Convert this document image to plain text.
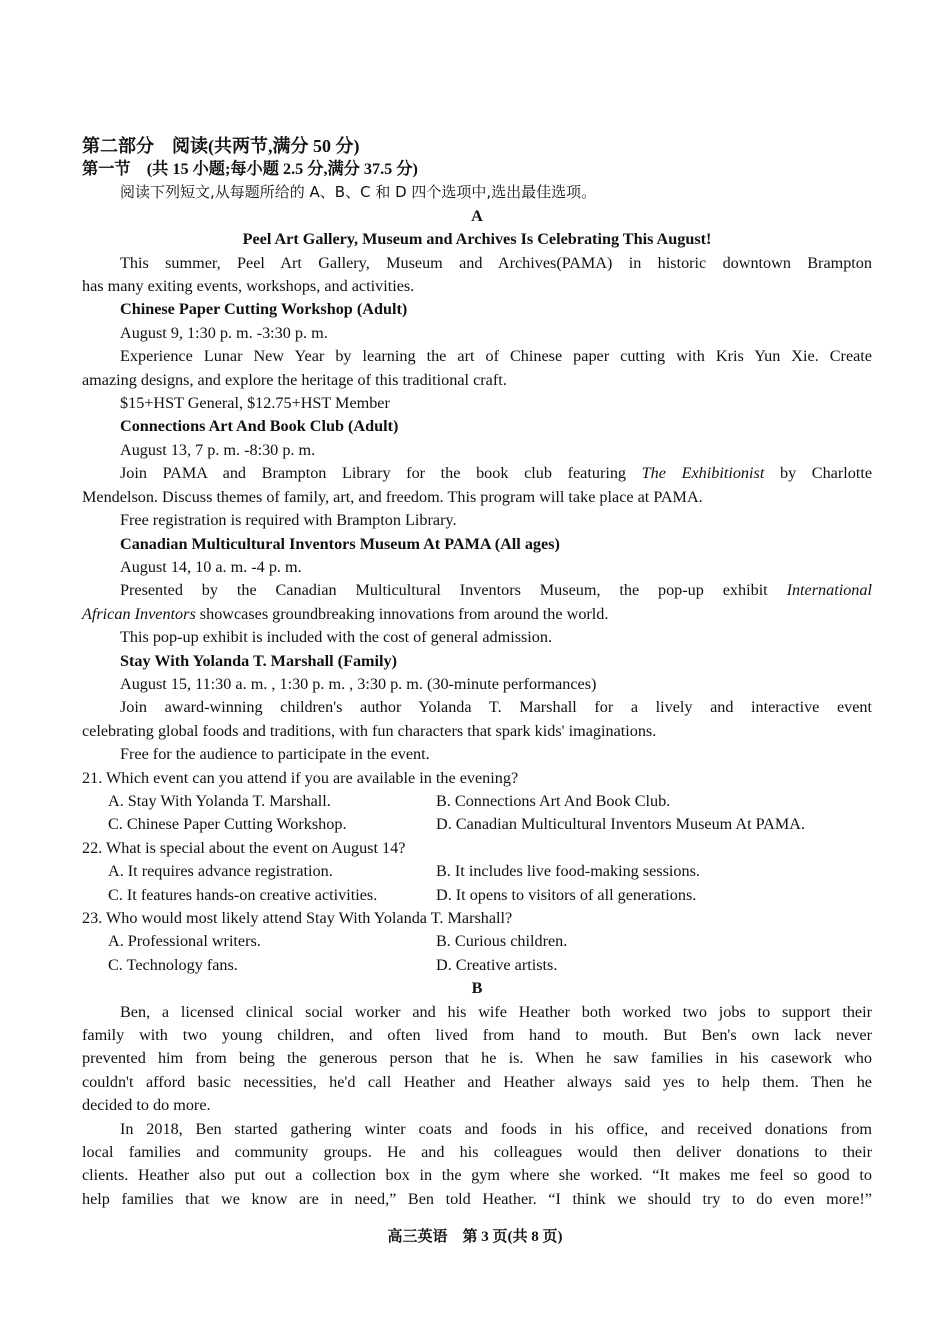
第二部分　阅读(共两节,满分 50 分)
第一节　(共 15 小题;每小题 2.5 分,满分 37.5 分)
阅读下列短文,从每题所给的 A、B、C 和 D 四个选项中,选出最佳选项。
A
Peel Art Gallery, Museum and Archives Is Celebrating This August!
This summer, Peel Art Gallery, Museum and Archives(PAMA) in historic downtown Brampton
has many exiting events, workshops, and activities.
Chinese Paper Cutting Workshop (Adult)
August 9, 1:30 p. m. -3:30 p. m.
Experience Lunar New Year by learning the art of Chinese paper cutting with Kris Yun Xie. Create
amazing designs, and explore the heritage of this traditional craft.
$15+HST General, $12.75+HST Member
Connections Art And Book Club (Adult)
August 13, 7 p. m. -8:30 p. m.
Join PAMA and Brampton Library for the book club featuring The Exhibitionist by Charlotte
Mendelson. Discuss themes of family, art, and freedom. This program will take place at PAMA.
Free registration is required with Brampton Library.
Canadian Multicultural Inventors Museum At PAMA (All ages)
August 14, 10 a. m. -4 p. m.
Presented by the Canadian Multicultural Inventors Museum, the pop-up exhibit International
African Inventors showcases groundbreaking innovations from around the world.
This pop-up exhibit is included with the cost of general admission.
Stay With Yolanda T. Marshall (Family)
August 15, 11:30 a. m. , 1:30 p. m. , 3:30 p. m. (30-minute performances)
Join award-winning children's author Yolanda T. Marshall for a lively and interactive event
celebrating global foods and traditions, with fun characters that spark kids' imaginations.
Free for the audience to participate in the event.
21. Which event can you attend if you are available in the evening?
A. Stay With Yolanda T. Marshall.	B. Connections Art And Book Club.
C. Chinese Paper Cutting Workshop.	D. Canadian Multicultural Inventors Museum At PAMA.
22. What is special about the event on August 14?
A. It requires advance registration.	B. It includes live food-making sessions.
C. It features hands-on creative activities.	D. It opens to visitors of all generations.
23. Who would most likely attend Stay With Yolanda T. Marshall?
A. Professional writers.	B. Curious children.
C. Technology fans.	D. Creative artists.
B
Ben, a licensed clinical social worker and his wife Heather both worked two jobs to support their
family with two young children, and often lived from hand to mouth. But Ben's own lack never
prevented him from being the generous person that he is. When he saw families in his casework who
couldn't afford basic necessities, he'd call Heather and Heather always said yes to help them. Then he
decided to do more.
In 2018, Ben started gathering winter coats and foods in his office, and received donations from
local families and community groups. He and his colleagues would then deliver donations to their
clients. Heather also put out a collection box in the gym where she worked. “It makes me feel so good to
help families that we know are in need,” Ben told Heather. “I think we should try to do even more!”
高三英语　第 3 页(共 8 页)
